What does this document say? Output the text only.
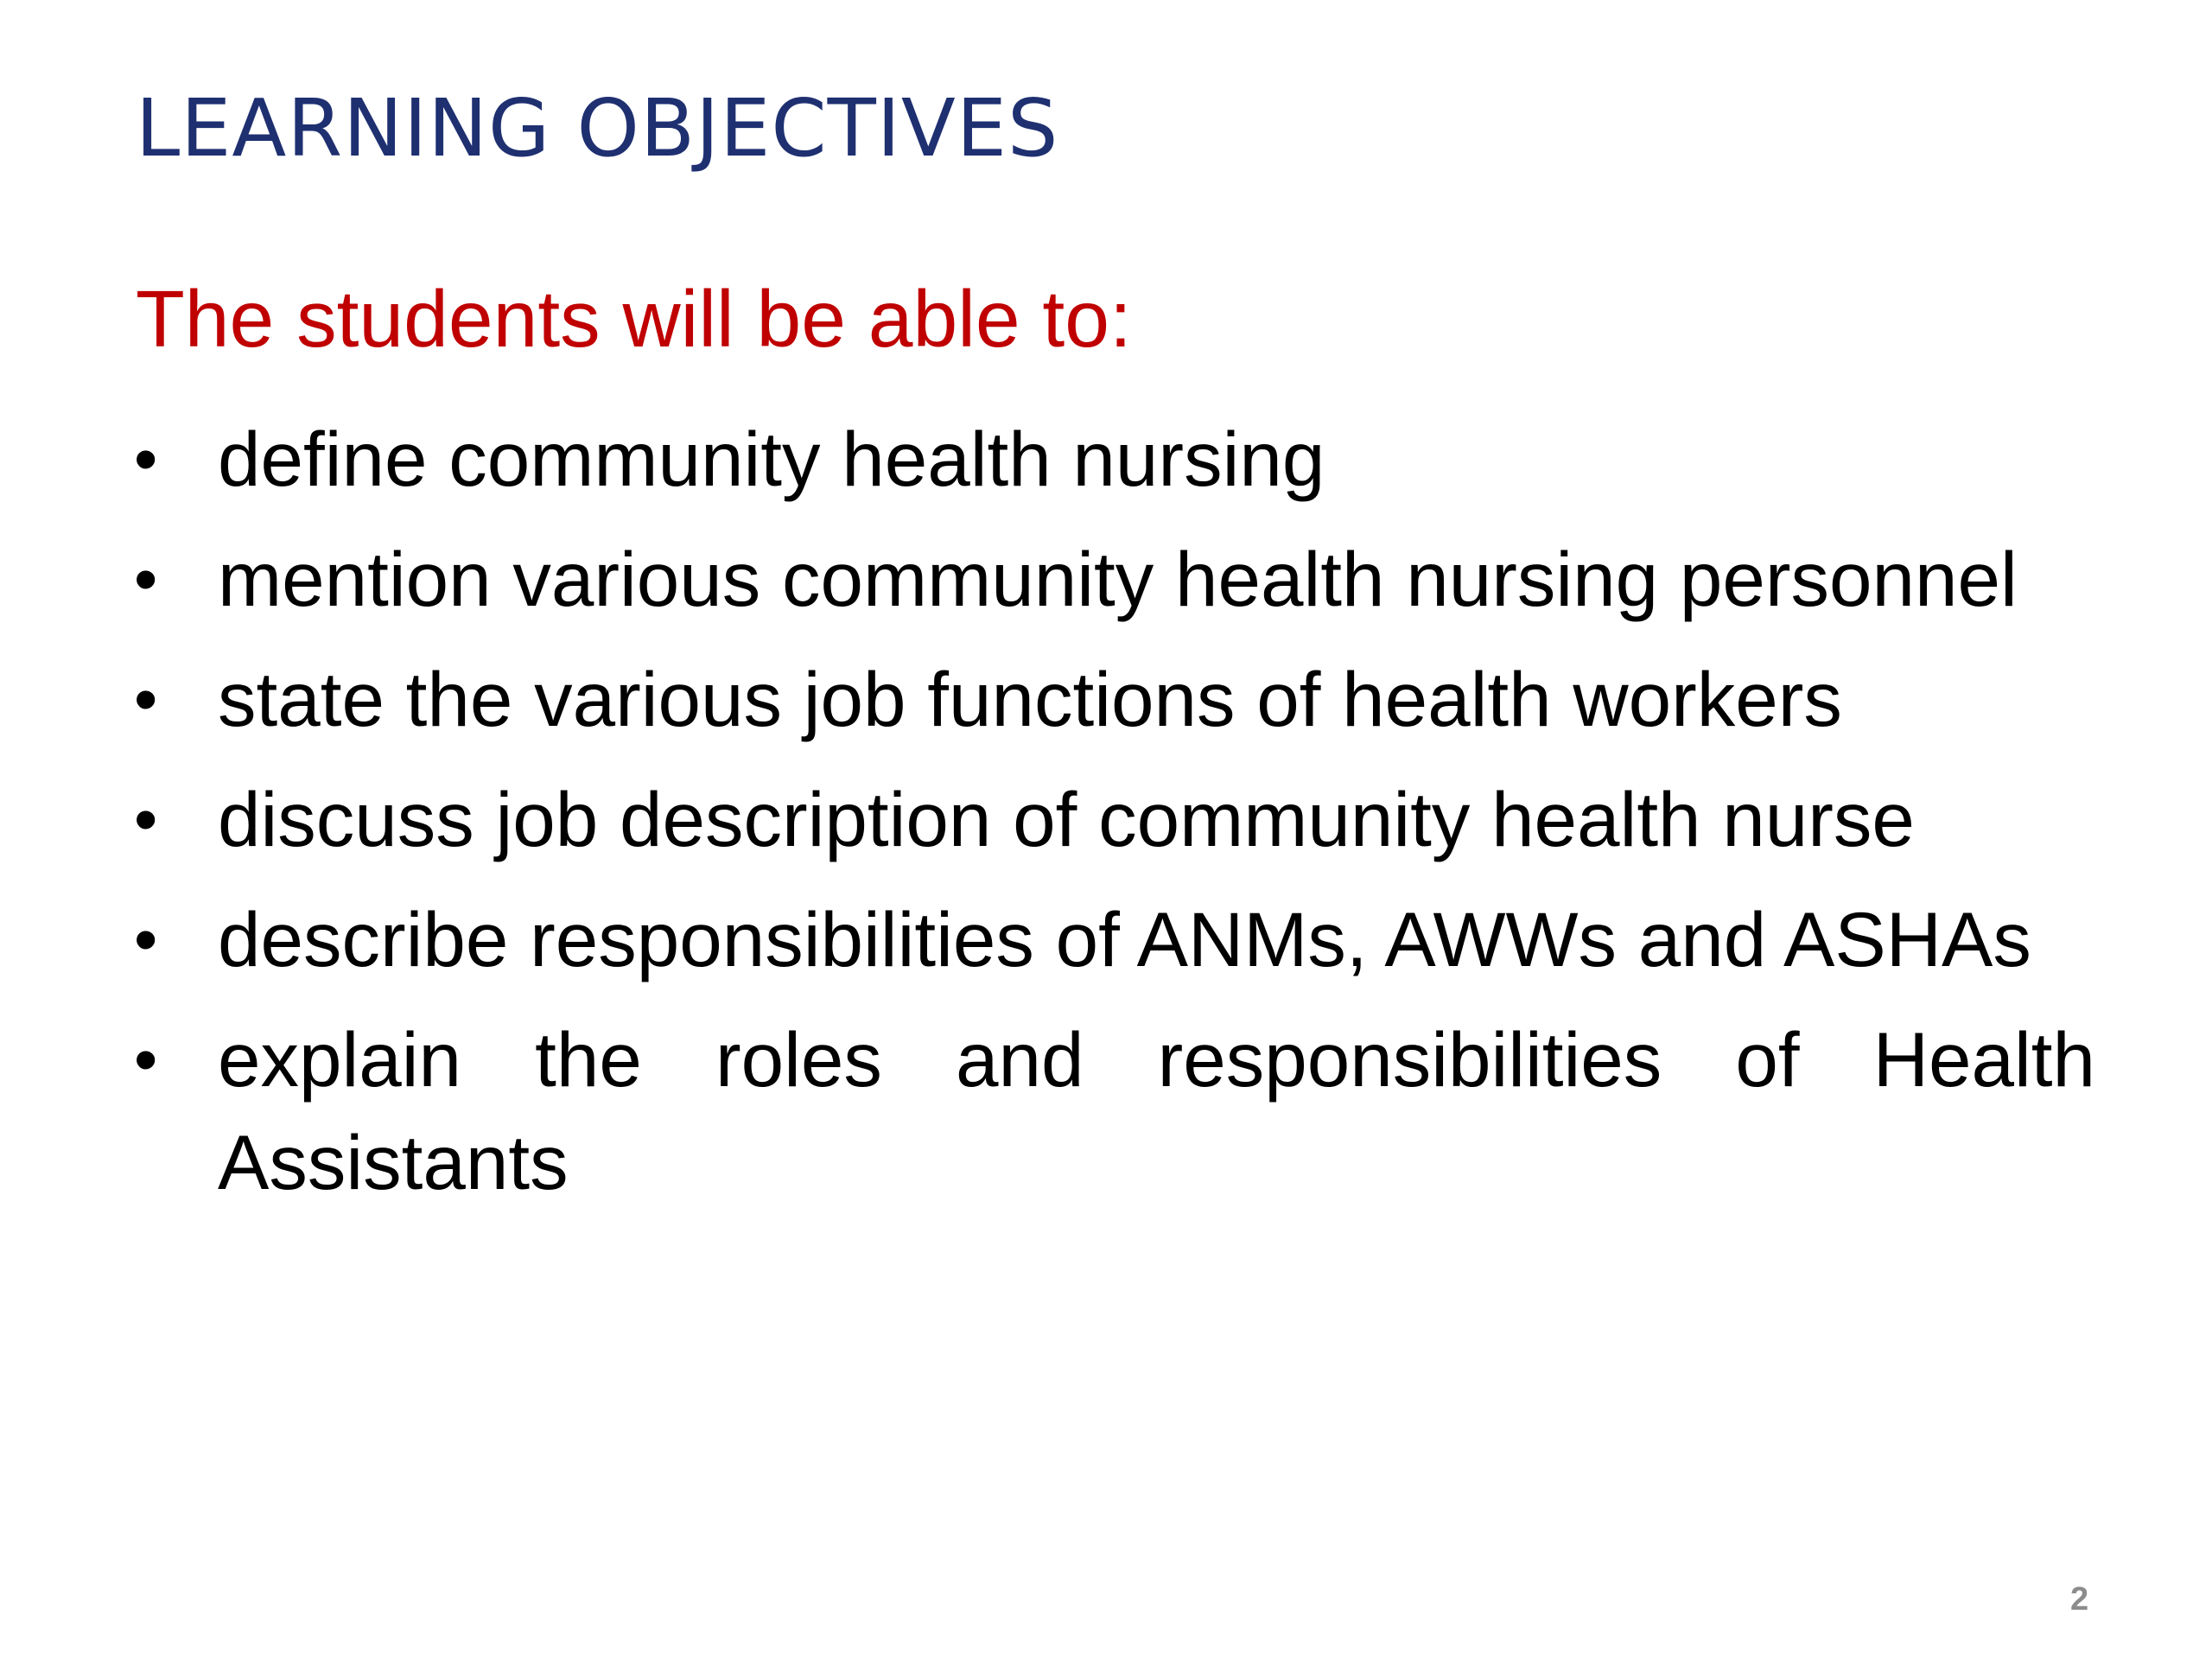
LEARNING OBJECTIVES

The students will be able to:

• define community health nursing
• mention various community health nursing personnel
• state the various job functions of health workers
• discuss job description of community health nurse
• describe responsibilities of ANMs, AWWs and ASHAs
• explain the roles and responsibilities of Health Assistants
2
